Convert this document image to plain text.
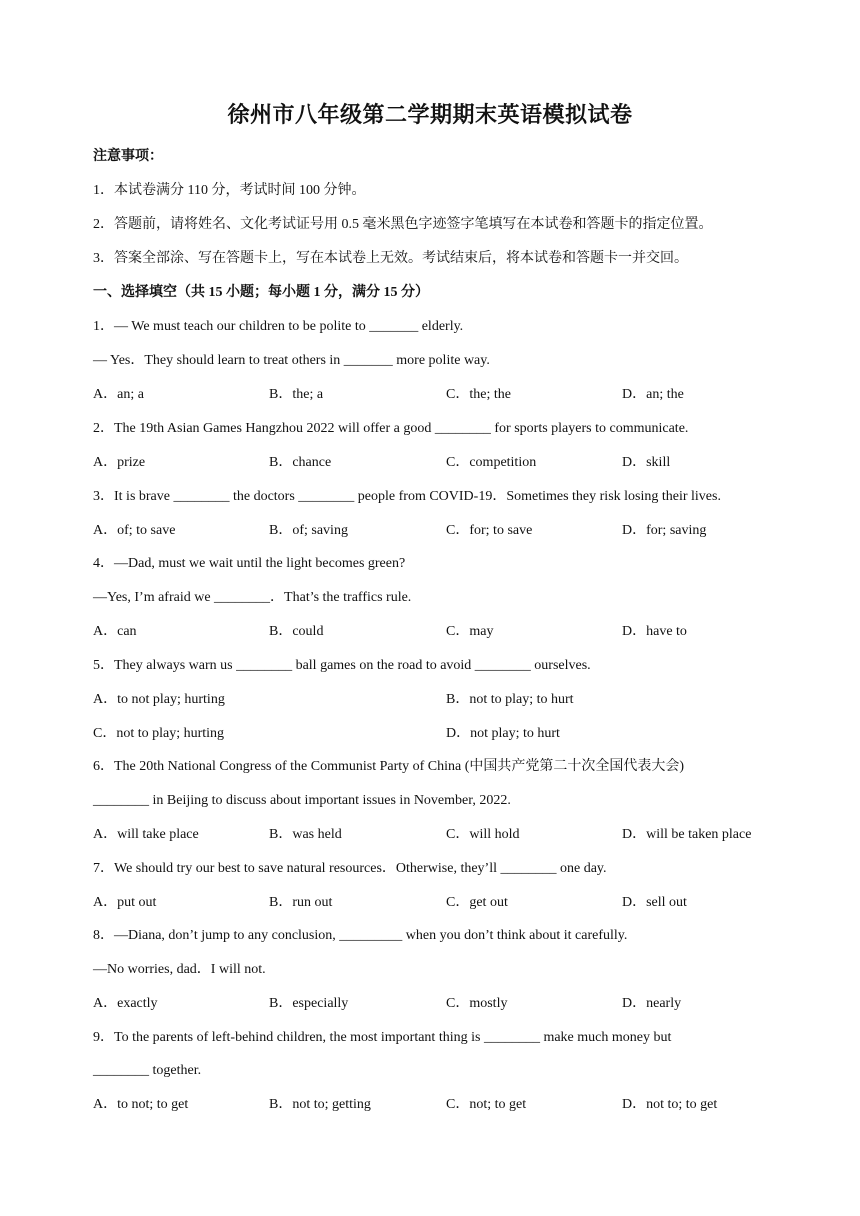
徐州市八年级第二学期期末英语模拟试卷
注意事项：
1．本试卷满分 110 分，考试时间 100 分钟。
2．答题前，请将姓名、文化考试证号用 0.5 毫米黑色字迹签字笔填写在本试卷和答题卡的指定位置。
3．答案全部涂、写在答题卡上，写在本试卷上无效。考试结束后，将本试卷和答题卡一并交回。
一、选择填空（共 15 小题；每小题 1 分，满分 15 分）
1．— We must teach our children to be polite to _______ elderly.
— Yes．They should learn to treat others in _______ more polite way.
A．an; a	B．the; a	C．the; the	D．an; the
2．The 19th Asian Games Hangzhou 2022 will offer a good ________ for sports players to communicate.
A．prize	B．chance	C．competition	D．skill
3．It is brave ________ the doctors ________ people from COVID-19．Sometimes they risk losing their lives.
A．of; to save	B．of; saving	C．for; to save	D．for; saving
4．—Dad, must we wait until the light becomes green?
—Yes, I’m afraid we ________．That’s the traffics rule.
A．can	B．could	C．may	D．have to
5．They always warn us ________ ball games on the road to avoid ________ ourselves.
A．to not play; hurting	B．not to play; to hurt
C．not to play; hurting	D．not play; to hurt
6．The 20th National Congress of the Communist Party of China (中国共产党第二十次全国代表大会)
________ in Beijing to discuss about important issues in November, 2022.
A．will take place	B．was held	C．will hold	D．will be taken place
7．We should try our best to save natural resources．Otherwise, they’ll ________ one day.
A．put out	B．run out	C．get out	D．sell out
8．—Diana, don’t jump to any conclusion, _________ when you don’t think about it carefully.
—No worries, dad．I will not.
A．exactly	B．especially	C．mostly	D．nearly
9．To the parents of left-behind children, the most important thing is ________ make much money but
________ together.
A．to not; to get	B．not to; getting	C．not; to get	D．not to; to get
